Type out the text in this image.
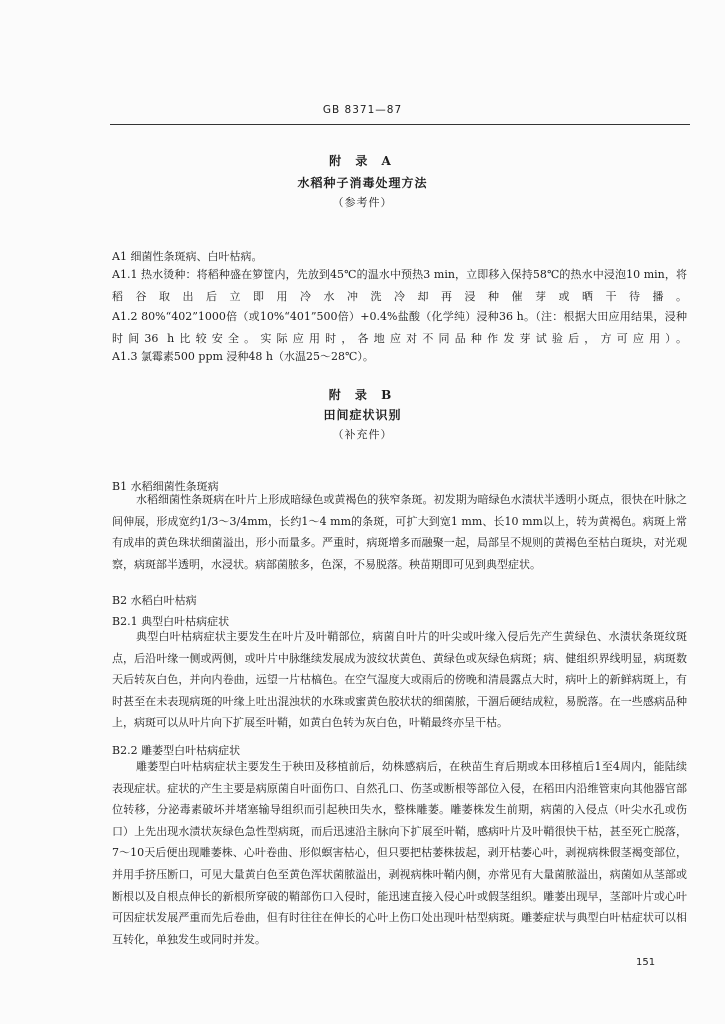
GB 8371—87
附 录 A
水稻种子消毒处理方法
（参考件）
A1 细菌性条斑病、白叶枯病。
A1.1 热水烫种：将稻种盛在箩筐内，先放到45℃的温水中预热3 min，立即移入保持58℃的热水中浸泡10 min，将稻谷取出后立即用冷水冲洗冷却再浸种催芽或晒干待播。
A1.2 80%“402”1000倍（或10%“401”500倍）+0.4%盐酸（化学纯）浸种36 h。（注：根据大田应用结果，浸种时间36 h比较安全。实际应用时，各地应对不同品种作发芽试验后，方可应用）。
A1.3 氯霉素500 ppm 浸种48 h（水温25～28℃）。
附 录 B
田间症状识别
（补充件）
B1 水稻细菌性条斑病
水稻细菌性条斑病在叶片上形成暗绿色或黄褐色的狭窄条斑。初发期为暗绿色水渍状半透明小斑点，很快在叶脉之间伸展，形成宽约1/3～3/4mm，长约1～4 mm的条斑，可扩大到宽1 mm、长10 mm以上，转为黄褐色。病斑上常有成串的黄色珠状细菌溢出，形小而量多。严重时，病斑增多而融聚一起，局部呈不规则的黄褐色至枯白斑块，对光观察，病斑部半透明，水浸状。病部菌脓多，色深，不易脱落。秧苗期即可见到典型症状。
B2 水稻白叶枯病
B2.1 典型白叶枯病症状
典型白叶枯病症状主要发生在叶片及叶鞘部位，病菌自叶片的叶尖或叶缘入侵后先产生黄绿色、水渍状条斑纹斑点，后沿叶缘一侧或两侧，或叶片中脉继续发展成为波纹状黄色、黄绿色或灰绿色病斑；病、健组织界线明显，病斑数天后转灰白色，并向内卷曲，远望一片枯槁色。在空气湿度大或雨后的傍晚和清晨露点大时，病叶上的新鲜病斑上，有时甚至在未表现病斑的叶缘上吐出混浊状的水珠或蜜黄色胶状状的细菌脓，干涸后硬结成粒，易脱落。在一些感病品种上，病斑可以从叶片向下扩展至叶鞘，如黄白色转为灰白色，叶鞘最终亦呈干枯。
B2.2 雕萎型白叶枯病症状
雕萎型白叶枯病症状主要发生于秧田及移植前后，幼株感病后，在秧苗生育后期或本田移植后1至4周内，能陆续表现症状。症状的产生主要是病原菌自叶面伤口、自然孔口、伤茎或断根等部位入侵，在稻田内沿维管束向其他器官部位转移，分泌毒素破坏并堵塞输导组织而引起秧田失水，整株雕萎。雕萎株发生前期，病菌的入侵点（叶尖水孔或伤口）上先出现水渍状灰绿色急性型病斑，而后迅速沿主脉向下扩展至叶鞘，感病叶片及叶鞘很快干枯，甚至死亡脱落，7～10天后便出现雕萎株、心叶卷曲、形似螟害枯心，但只要把枯萎株拔起，剥开枯萎心叶，剥视病株假茎褐变部位，并用手挤压断口，可见大量黄白色至黄色浑状菌脓溢出，剥视病株叶鞘内侧，亦常见有大量菌脓溢出，病菌如从茎部或断根以及自根点伸长的新根所穿破的鞘部伤口入侵时，能迅速直接入侵心叶或假茎组织。雕萎出现早，茎部叶片或心叶可因症状发展严重而先后卷曲，但有时往往在伸长的心叶上伤口处出现叶枯型病斑。雕萎症状与典型白叶枯症状可以相互转化，单独发生或同时并发。
151
